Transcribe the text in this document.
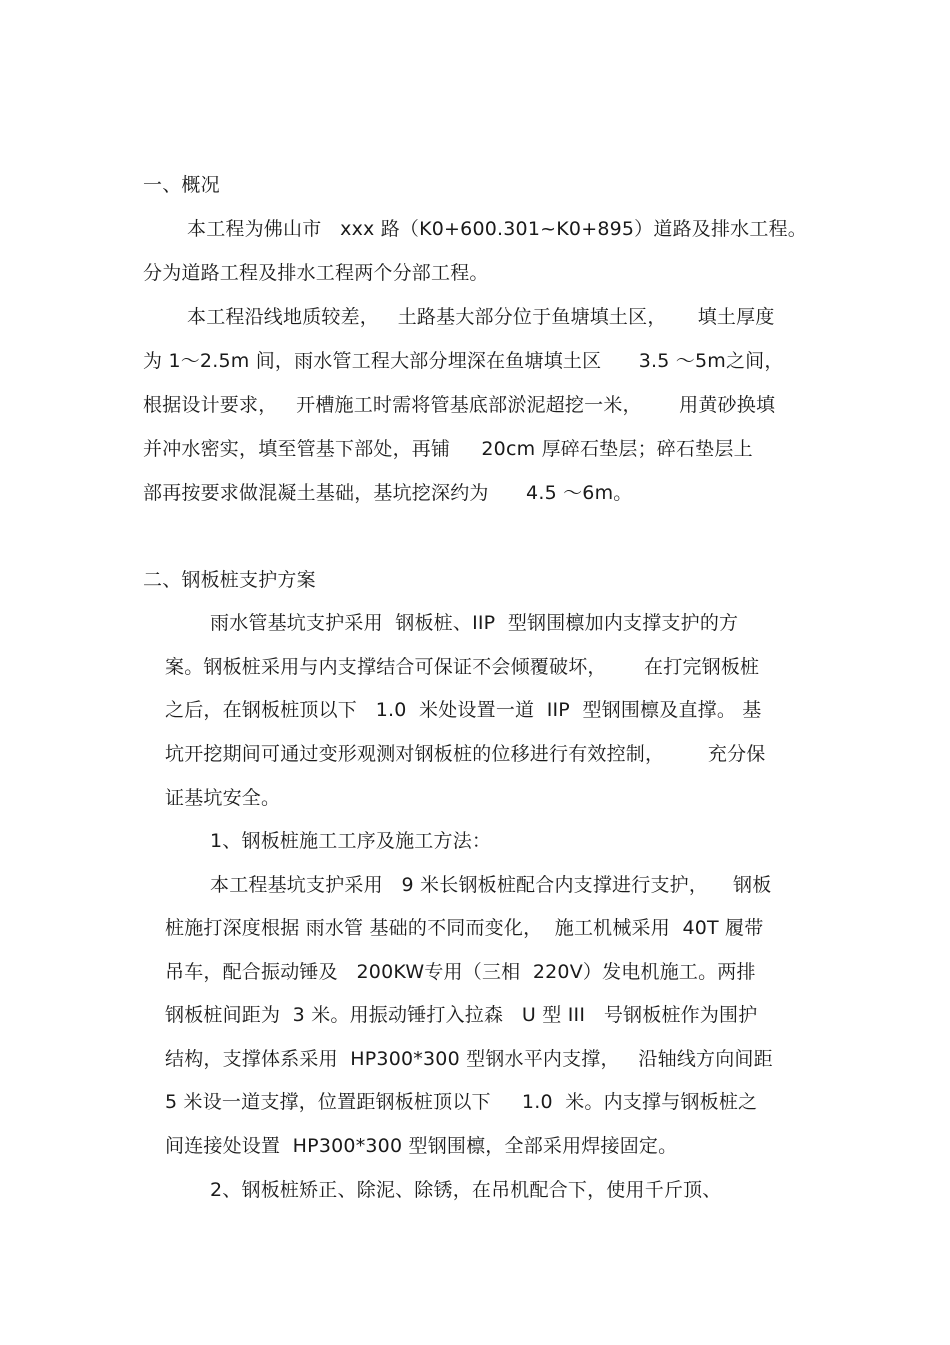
一、概况
本工程为佛山市   xxx 路（K0+600.301~K0+895）道路及排水工程。
分为道路工程及排水工程两个分部工程。
本工程沿线地质较差，   土路基大部分位于鱼塘填土区，     填土厚度
为 1～2.5m 间，雨水管工程大部分埋深在鱼塘填土区      3.5 ～5m之间，
根据设计要求，   开槽施工时需将管基底部淤泥超挖一米，      用黄砂换填
并冲水密实，填至管基下部处，再铺     20cm 厚碎石垫层；碎石垫层上
部再按要求做混凝土基础，基坑挖深约为      4.5 ～6m。
二、钢板桩支护方案
雨水管基坑支护采用  钢板桩、IIP  型钢围檩加内支撑支护的方
案。钢板桩采用与内支撑结合可保证不会倾覆破坏，      在打完钢板桩
之后，在钢板桩顶以下   1.0  米处设置一道  IIP  型钢围檩及直撑。 基
坑开挖期间可通过变形观测对钢板桩的位移进行有效控制，       充分保
证基坑安全。
1、钢板桩施工工序及施工方法：
本工程基坑支护采用   9 米长钢板桩配合内支撑进行支护，    钢板
桩施打深度根据 雨水管 基础的不同而变化，  施工机械采用  40T 履带
吊车，配合振动锤及   200KW专用（三相  220V）发电机施工。两排
钢板桩间距为  3 米。用振动锤打入拉森   U 型 III   号钢板桩作为围护
结构，支撑体系采用  HP300*300 型钢水平内支撑，   沿轴线方向间距
5 米设一道支撑，位置距钢板桩顶以下     1.0  米。内支撑与钢板桩之
间连接处设置  HP300*300 型钢围檩，全部采用焊接固定。
2、钢板桩矫正、除泥、除锈，在吊机配合下，使用千斤顶、
